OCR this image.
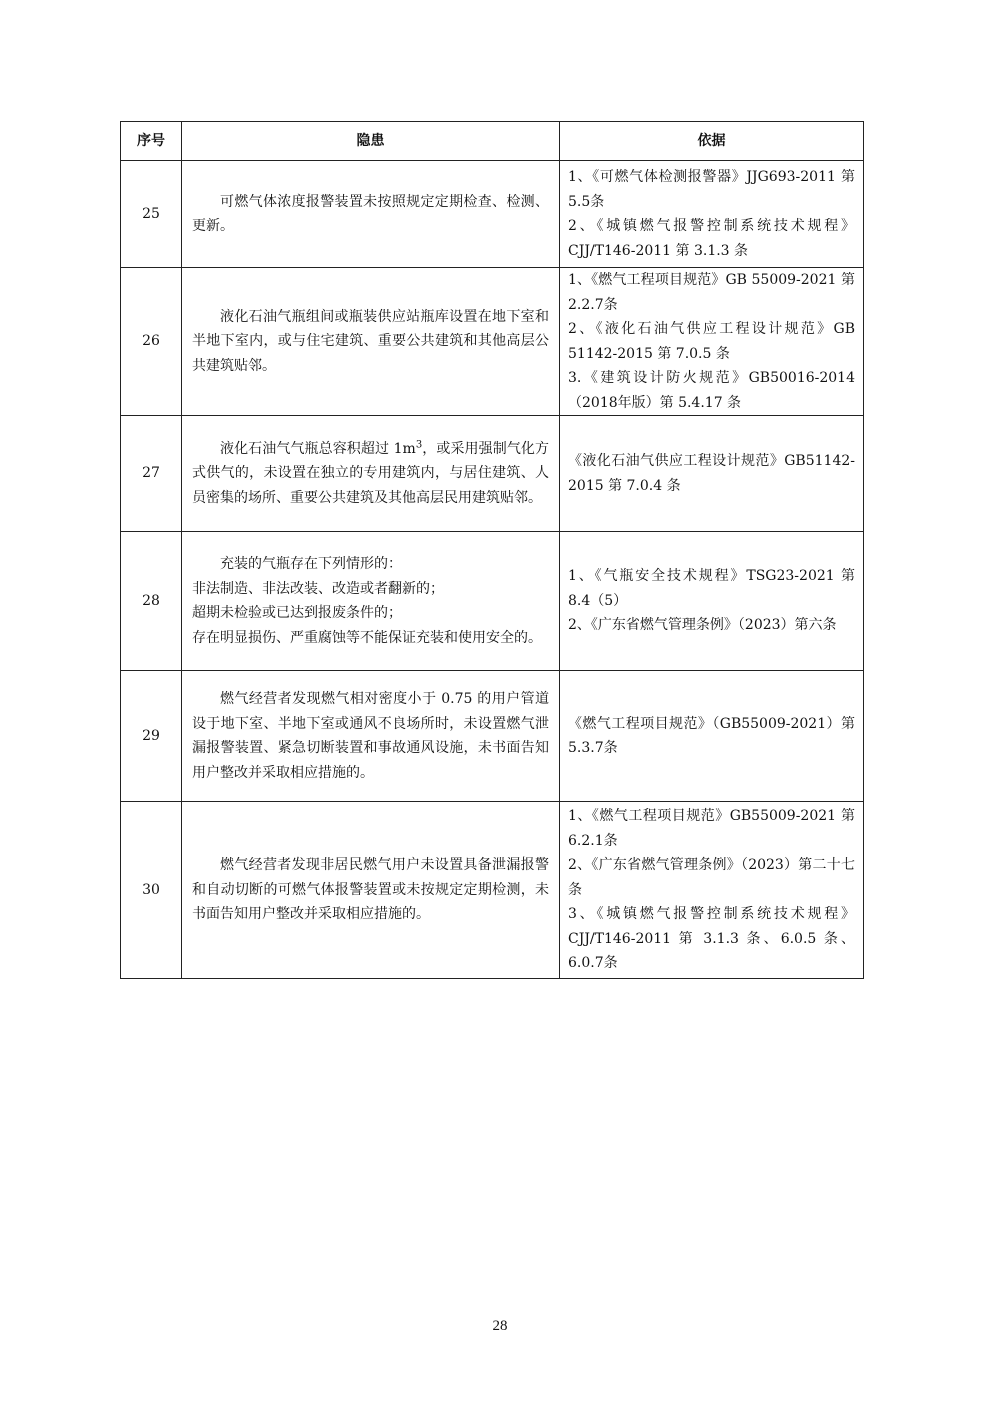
序号	隐患	依据
25	可燃气体浓度报警装置未按照规定定期检查、检测、更新。	1、《可燃气体检测报警器》JJG693-2011 第5.5条
2、《城镇燃气报警控制系统技术规程》CJJ/T146-2011 第 3.1.3 条

26	液化石油气瓶组间或瓶装供应站瓶库设置在地下室和半地下室内，或与住宅建筑、重要公共建筑和其他高层公共建筑贴邻。	1、《燃气工程项目规范》GB 55009-2021 第2.2.7条
2、《液化石油气供应工程设计规范》GB 51142-2015 第 7.0.5 条
3.《建筑设计防火规范》GB50016-2014（2018年版）第 5.4.17 条

27	液化石油气气瓶总容积超过 $1m^3$，或采用强制气化方式供气的，未设置在独立的专用建筑内，与居住建筑、人员密集的场所、重要公共建筑及其他高层民用建筑贴邻。	《液化石油气供应工程设计规范》GB51142-2015 第 7.0.4 条

28	充装的气瓶存在下列情形的：
非法制造、非法改装、改造或者翻新的；
超期未检验或已达到报废条件的；
存在明显损伤、严重腐蚀等不能保证充装和使用安全的。	1、《气瓶安全技术规程》TSG23-2021 第 8.4（5）
2、《广东省燃气管理条例》（2023）第六条

29	燃气经营者发现燃气相对密度小于 0.75 的用户管道设于地下室、半地下室或通风不良场所时，未设置燃气泄漏报警装置、紧急切断装置和事故通风设施，未书面告知用户整改并采取相应措施的。	《燃气工程项目规范》（GB55009-2021）第5.3.7条

30	燃气经营者发现非居民燃气用户未设置具备泄漏报警和自动切断的可燃气体报警装置或未按规定定期检测，未书面告知用户整改并采取相应措施的。	1、《燃气工程项目规范》GB55009-2021 第6.2.1条
2、《广东省燃气管理条例》（2023）第二十七条
3、《城镇燃气报警控制系统技术规程》CJJ/T146-2011 第 3.1.3 条、6.0.5 条、6.0.7条
28
